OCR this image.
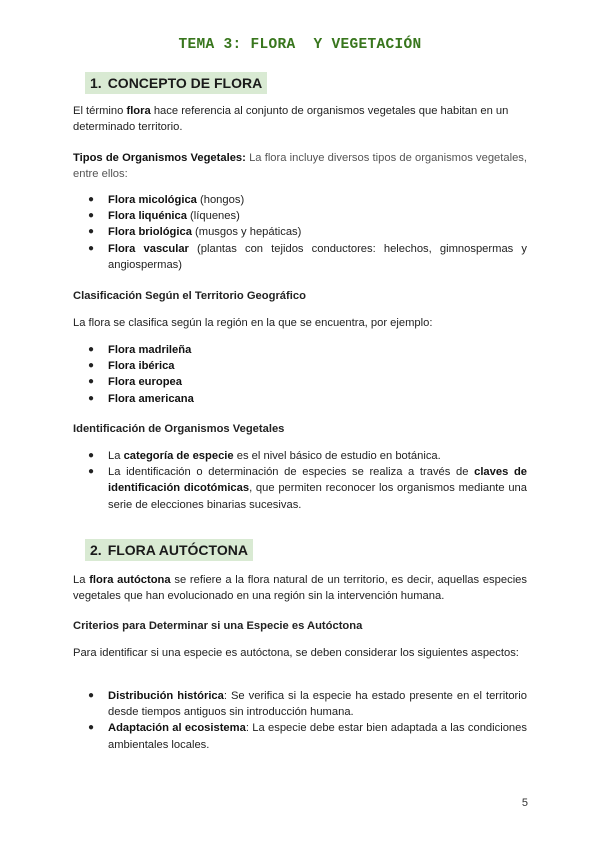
TEMA 3: FLORA  Y VEGETACIÓN
1. CONCEPTO DE FLORA
El término flora hace referencia al conjunto de organismos vegetales que habitan en un determinado territorio.
Tipos de Organismos Vegetales: La flora incluye diversos tipos de organismos vegetales, entre ellos:
● Flora micológica (hongos)
● Flora liquénica (líquenes)
● Flora briológica (musgos y hepáticas)
● Flora vascular (plantas con tejidos conductores: helechos, gimnospermas y angiospermas)
Clasificación Según el Territorio Geográfico
La flora se clasifica según la región en la que se encuentra, por ejemplo:
● Flora madrileña
● Flora ibérica
● Flora europea
● Flora americana
Identificación de Organismos Vegetales
● La categoría de especie es el nivel básico de estudio en botánica.
● La identificación o determinación de especies se realiza a través de claves de identificación dicotómicas, que permiten reconocer los organismos mediante una serie de elecciones binarias sucesivas.
2. FLORA AUTÓCTONA
La flora autóctona se refiere a la flora natural de un territorio, es decir, aquellas especies vegetales que han evolucionado en una región sin la intervención humana.
Criterios para Determinar si una Especie es Autóctona
Para identificar si una especie es autóctona, se deben considerar los siguientes aspectos:
● Distribución histórica: Se verifica si la especie ha estado presente en el territorio desde tiempos antiguos sin introducción humana.
● Adaptación al ecosistema: La especie debe estar bien adaptada a las condiciones ambientales locales.
5
